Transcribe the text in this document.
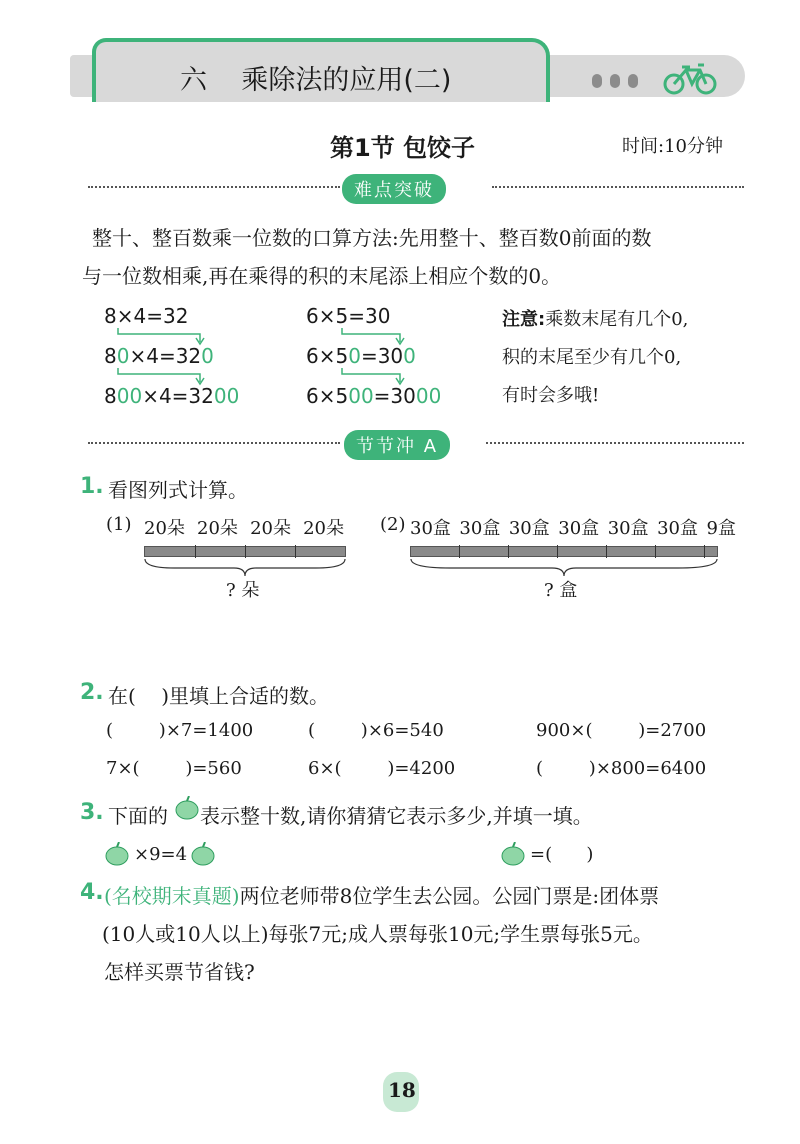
六 乘除法的应用(二)
第1节 包饺子	时间:10分钟
难点突破
整十、整百数乘一位数的口算方法:先用整十、整百数0前面的数
与一位数相乘,再在乘得的积的末尾添上相应个数的0。
8×4=32
80×4=320
800×4=3200
6×5=30
6×50=300
6×500=3000
注意:乘数末尾有几个0,
积的末尾至少有几个0,
有时会多哦!
节节冲 A
1. 看图列式计算。
(1) 20朵 20朵 20朵 20朵
? 朵
(2) 30盒 30盒 30盒 30盒 30盒 30盒 9盒
? 盒
2. 在(    )里填上合适的数。
(        )×7=1400	(        )×6=540	900×(        )=2700
7×(        )=560	6×(        )=4200	(        )×800=6400
3. 下面的 表示整十数,请你猜猜它表示多少,并填一填。
×9=4	=(      )
4. (名校期末真题)两位老师带8位学生去公园。公园门票是:团体票
(10人或10人以上)每张7元;成人票每张10元;学生票每张5元。
怎样买票节省钱?
18
